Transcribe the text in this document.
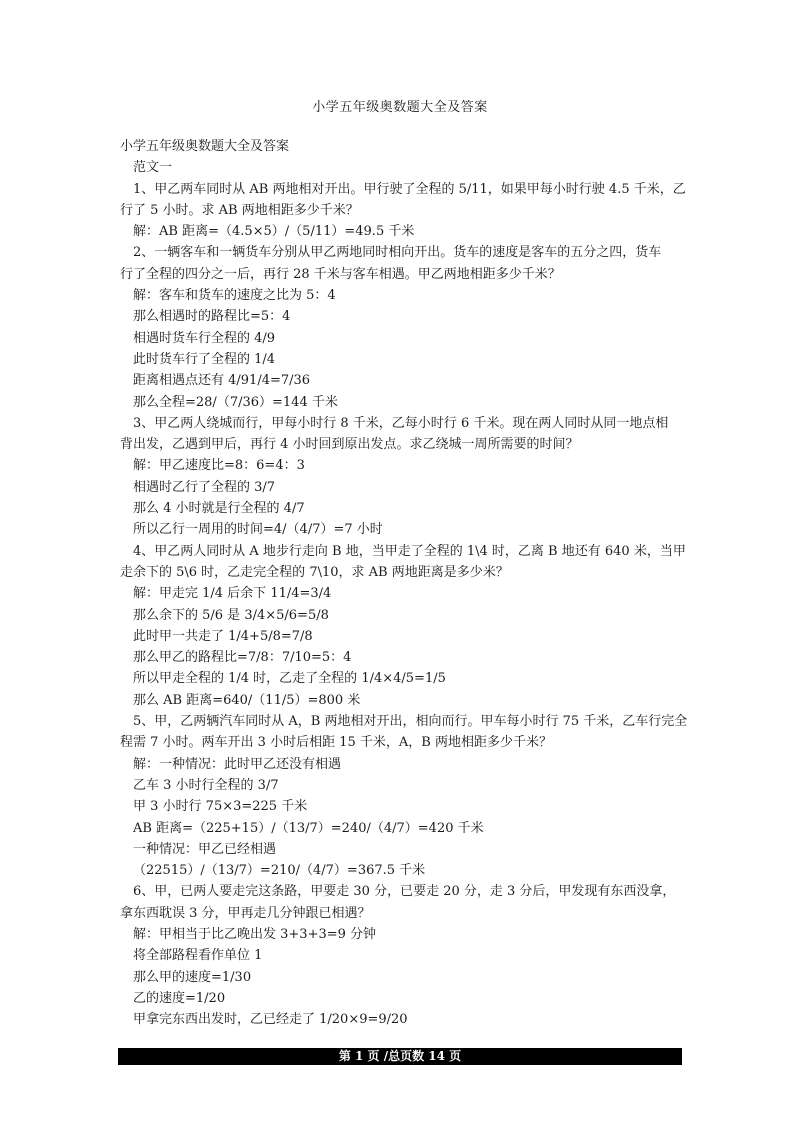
小学五年级奥数题大全及答案
小学五年级奥数题大全及答案
范文一
1、甲乙两车同时从 AB 两地相对开出。甲行驶了全程的 5/11，如果甲每小时行驶 4.5 千米，乙
行了 5 小时。求 AB 两地相距多少千米？
解：AB 距离=（4.5×5）/（5/11）=49.5 千米
2、一辆客车和一辆货车分别从甲乙两地同时相向开出。货车的速度是客车的五分之四，货车
行了全程的四分之一后，再行 28 千米与客车相遇。甲乙两地相距多少千米？
解：客车和货车的速度之比为 5：4
那么相遇时的路程比=5：4
相遇时货车行全程的 4/9
此时货车行了全程的 1/4
距离相遇点还有 4/91/4=7/36
那么全程=28/（7/36）=144 千米
3、甲乙两人绕城而行，甲每小时行 8 千米，乙每小时行 6 千米。现在两人同时从同一地点相
背出发，乙遇到甲后，再行 4 小时回到原出发点。求乙绕城一周所需要的时间？
解：甲乙速度比=8：6=4：3
相遇时乙行了全程的 3/7
那么 4 小时就是行全程的 4/7
所以乙行一周用的时间=4/（4/7）=7 小时
4、甲乙两人同时从 A 地步行走向 B 地，当甲走了全程的 1\4 时，乙离 B 地还有 640 米，当甲
走余下的 5\6 时，乙走完全程的 7\10，求 AB 两地距离是多少米？
解：甲走完 1/4 后余下 11/4=3/4
那么余下的 5/6 是 3/4×5/6=5/8
此时甲一共走了 1/4+5/8=7/8
那么甲乙的路程比=7/8：7/10=5：4
所以甲走全程的 1/4 时，乙走了全程的 1/4×4/5=1/5
那么 AB 距离=640/（11/5）=800 米
5、甲，乙两辆汽车同时从 A，B 两地相对开出，相向而行。甲车每小时行 75 千米，乙车行完全
程需 7 小时。两车开出 3 小时后相距 15 千米，A，B 两地相距多少千米？
解：一种情况：此时甲乙还没有相遇
乙车 3 小时行全程的 3/7
甲 3 小时行 75×3=225 千米
AB 距离=（225+15）/（13/7）=240/（4/7）=420 千米
一种情况：甲乙已经相遇
（22515）/（13/7）=210/（4/7）=367.5 千米
6、甲，已两人要走完这条路，甲要走 30 分，已要走 20 分，走 3 分后，甲发现有东西没拿，
拿东西耽误 3 分，甲再走几分钟跟已相遇？
解：甲相当于比乙晚出发 3+3+3=9 分钟
将全部路程看作单位 1
那么甲的速度=1/30
乙的速度=1/20
甲拿完东西出发时，乙已经走了 1/20×9=9/20
第 1 页 /总页数 14 页
